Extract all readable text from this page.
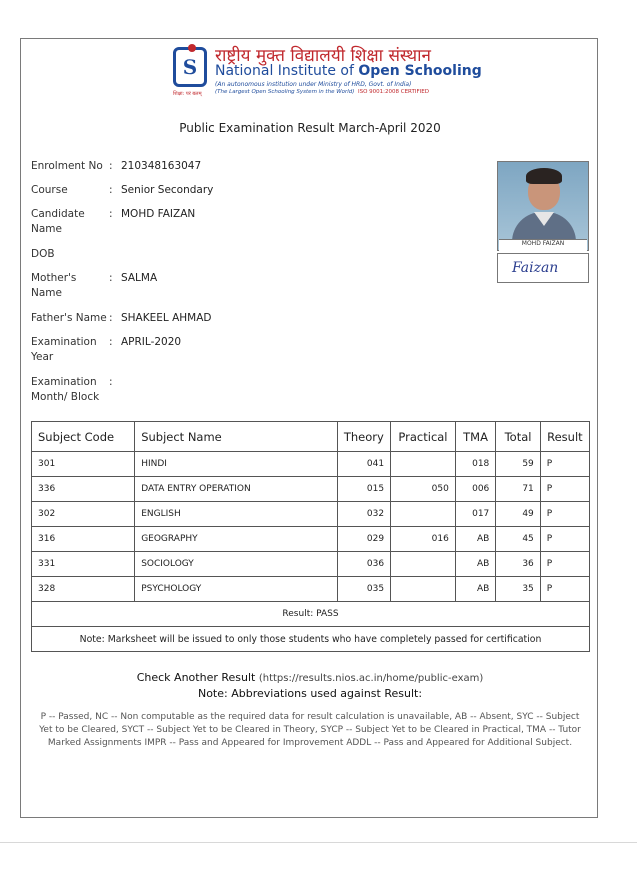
S राष्ट्रीय मुक्त विद्यालयी शिक्षा संस्थान
National Institute of Open Schooling
(An autonomous institution under Ministry of HRD, Govt. of India)
(The Largest Open Schooling System in the World) ISO 9001:2008 CERTIFIED
शिक्षा: परं बलम्
Public Examination Result March-April 2020
Enrolment No : 210348163047
Course	: Senior Secondary
Candidate
Name
: MOHD FAIZAN
DOB
Mother's
Name
: SALMA
Father's Name : SHAKEEL AHMAD
Examination
Year
: APRIL-2020
Examination
Month/ Block
:
MOHD FAIZAN
Faizan
Subject Code	Subject Name	Theory	Practical	TMA	Total	Result
301	HINDI	041		018	59	P
336	DATA ENTRY OPERATION	015	050	006	71	P
302	ENGLISH	032		017	49	P
316	GEOGRAPHY	029	016	AB	45	P
331	SOCIOLOGY	036		AB	36	P
328	PSYCHOLOGY	035		AB	35	P
Result: PASS						
Note: Marksheet will be issued to only those students who have completely passed for certification						
Check Another Result (https://results.nios.ac.in/home/public-exam)
Note: Abbreviations used against Result:
P -- Passed, NC -- Non computable as the required data for result calculation is unavailable, AB -- Absent, SYC -- Subject Yet to be Cleared, SYCT -- Subject Yet to be Cleared in Theory, SYCP -- Subject Yet to be Cleared in Practical, TMA -- Tutor Marked Assignments IMPR -- Pass and Appeared for Improvement ADDL -- Pass and Appeared for Additional Subject.
